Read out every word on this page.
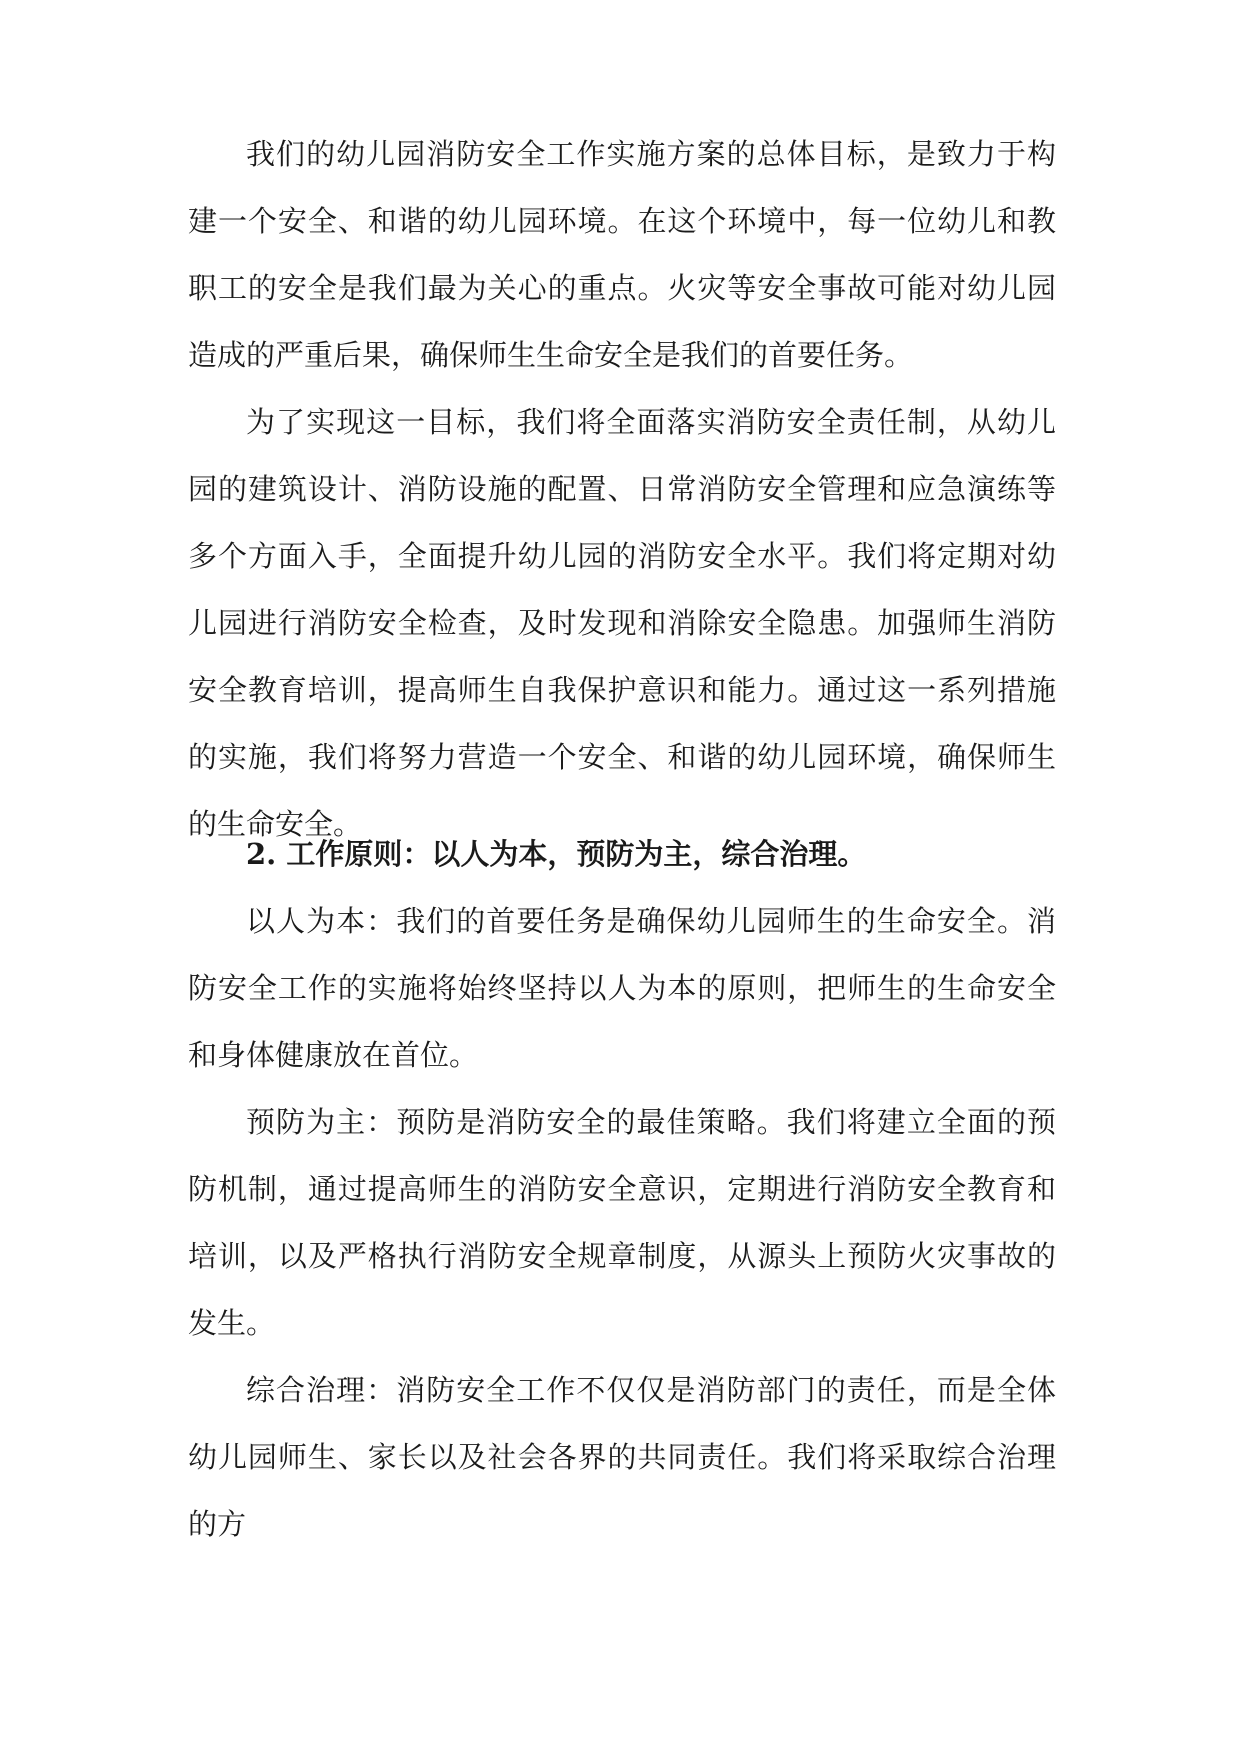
我们的幼儿园消防安全工作实施方案的总体目标，是致力于构建一个安全、和谐的幼儿园环境。在这个环境中，每一位幼儿和教职工的安全是我们最为关心的重点。火灾等安全事故可能对幼儿园造成的严重后果，确保师生生命安全是我们的首要任务。

为了实现这一目标，我们将全面落实消防安全责任制，从幼儿园的建筑设计、消防设施的配置、日常消防安全管理和应急演练等多个方面入手，全面提升幼儿园的消防安全水平。我们将定期对幼儿园进行消防安全检查，及时发现和消除安全隐患。加强师生消防安全教育培训，提高师生自我保护意识和能力。通过这一系列措施的实施，我们将努力营造一个安全、和谐的幼儿园环境，确保师生的生命安全。

2. 工作原则：以人为本，预防为主，综合治理。

以人为本：我们的首要任务是确保幼儿园师生的生命安全。消防安全工作的实施将始终坚持以人为本的原则，把师生的生命安全和身体健康放在首位。

预防为主：预防是消防安全的最佳策略。我们将建立全面的预防机制，通过提高师生的消防安全意识，定期进行消防安全教育和培训，以及严格执行消防安全规章制度，从源头上预防火灾事故的发生。

综合治理：消防安全工作不仅仅是消防部门的责任，而是全体幼儿园师生、家长以及社会各界的共同责任。我们将采取综合治理的方
